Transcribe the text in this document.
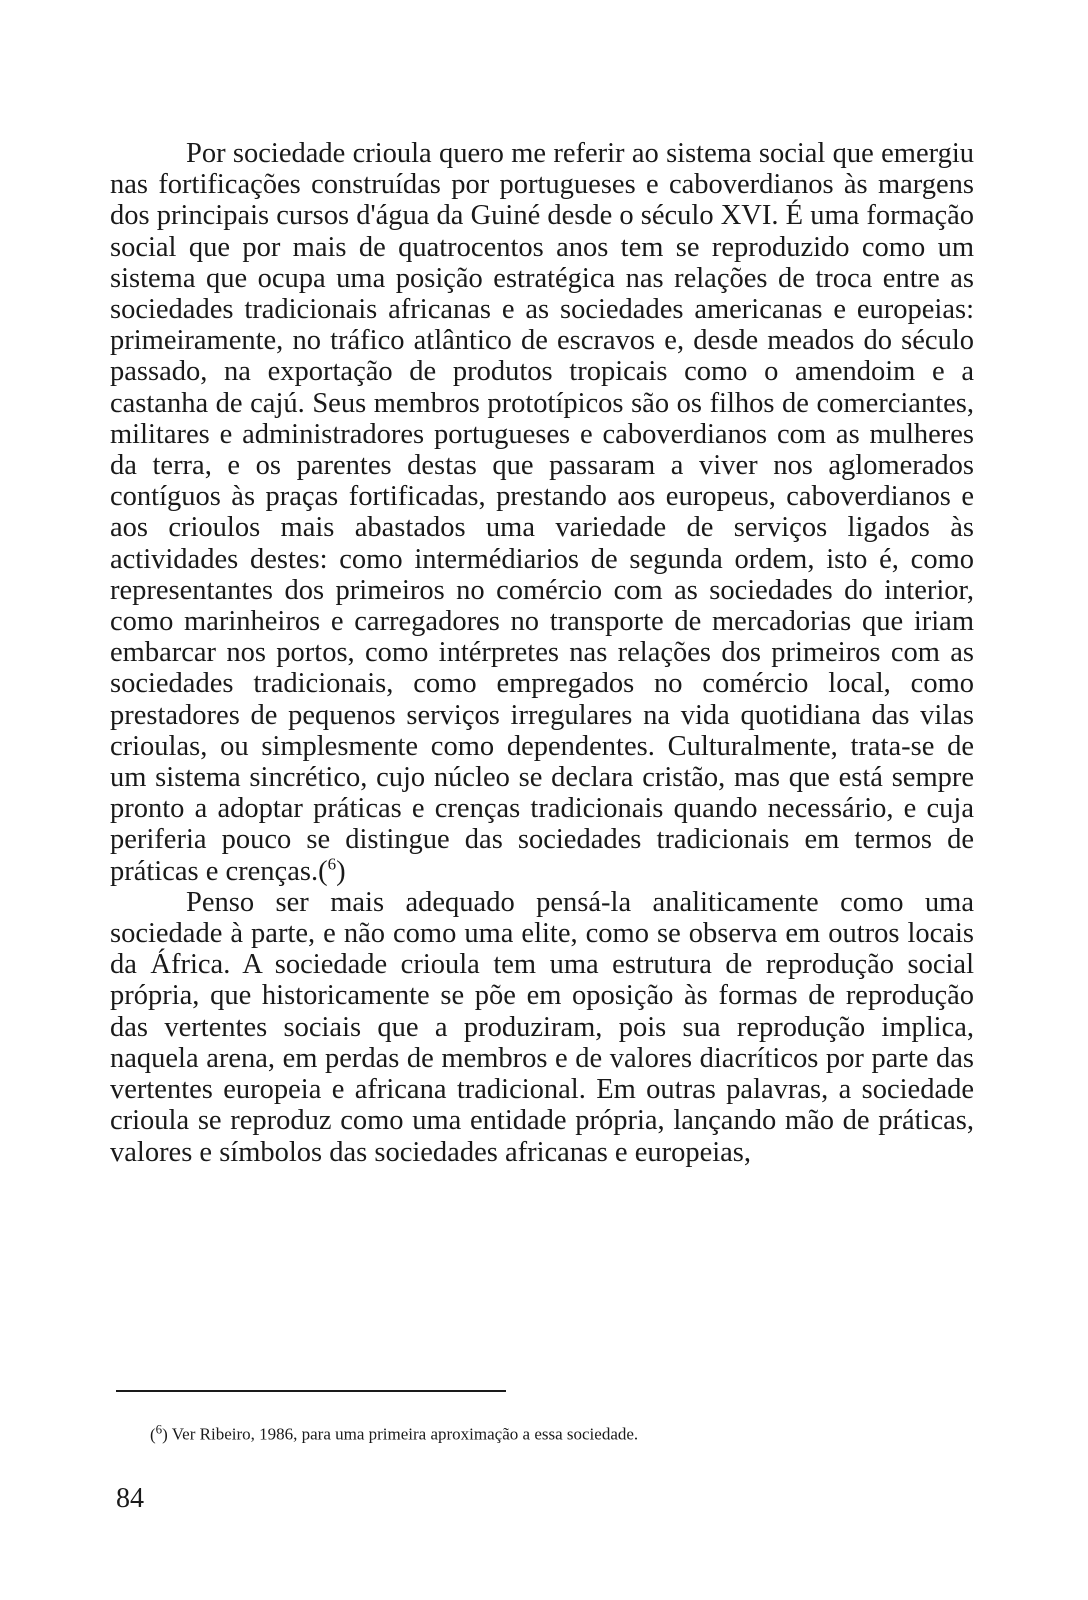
Por sociedade crioula quero me referir ao sistema social que emergiu nas fortificações construídas por portugueses e caboverdianos às margens dos principais cursos d'água da Guiné desde o século XVI. É uma formação social que por mais de quatrocentos anos tem se reproduzido como um sistema que ocupa uma posição estratégica nas relações de troca entre as sociedades tradicionais africanas e as sociedades americanas e europeias: primeiramente, no tráfico atlântico de escravos e, desde meados do século passado, na exportação de produtos tropicais como o amendoim e a castanha de cajú. Seus membros prototípicos são os filhos de comerciantes, militares e administradores portugueses e caboverdianos com as mulheres da terra, e os parentes destas que passaram a viver nos aglomerados contíguos às praças fortificadas, prestando aos europeus, caboverdianos e aos crioulos mais abastados uma variedade de serviços ligados às actividades destes: como intermédiarios de segunda ordem, isto é, como representantes dos primeiros no comércio com as sociedades do interior, como marinheiros e carregadores no transporte de mercadorias que iriam embarcar nos portos, como intérpretes nas relações dos primeiros com as sociedades tradicionais, como empregados no comércio local, como prestadores de pequenos serviços irregulares na vida quotidiana das vilas crioulas, ou simplesmente como dependentes. Culturalmente, trata-se de um sistema sincrético, cujo núcleo se declara cristão, mas que está sempre pronto a adoptar práticas e crenças tradicionais quando necessário, e cuja periferia pouco se distingue das sociedades tradicionais em termos de práticas e crenças.($^6$)

Penso ser mais adequado pensá-la analiticamente como uma sociedade à parte, e não como uma elite, como se observa em outros locais da África. A sociedade crioula tem uma estrutura de reprodução social própria, que historicamente se põe em oposição às formas de reprodução das vertentes sociais que a produziram, pois sua reprodução implica, naquela arena, em perdas de membros e de valores diacríticos por parte das vertentes europeia e africana tradicional. Em outras palavras, a sociedade crioula se reproduz como uma entidade própria, lançando mão de práticas, valores e símbolos das sociedades africanas e europeias,

($^6$) Ver Ribeiro, 1986, para uma primeira aproximação a essa sociedade.
84
